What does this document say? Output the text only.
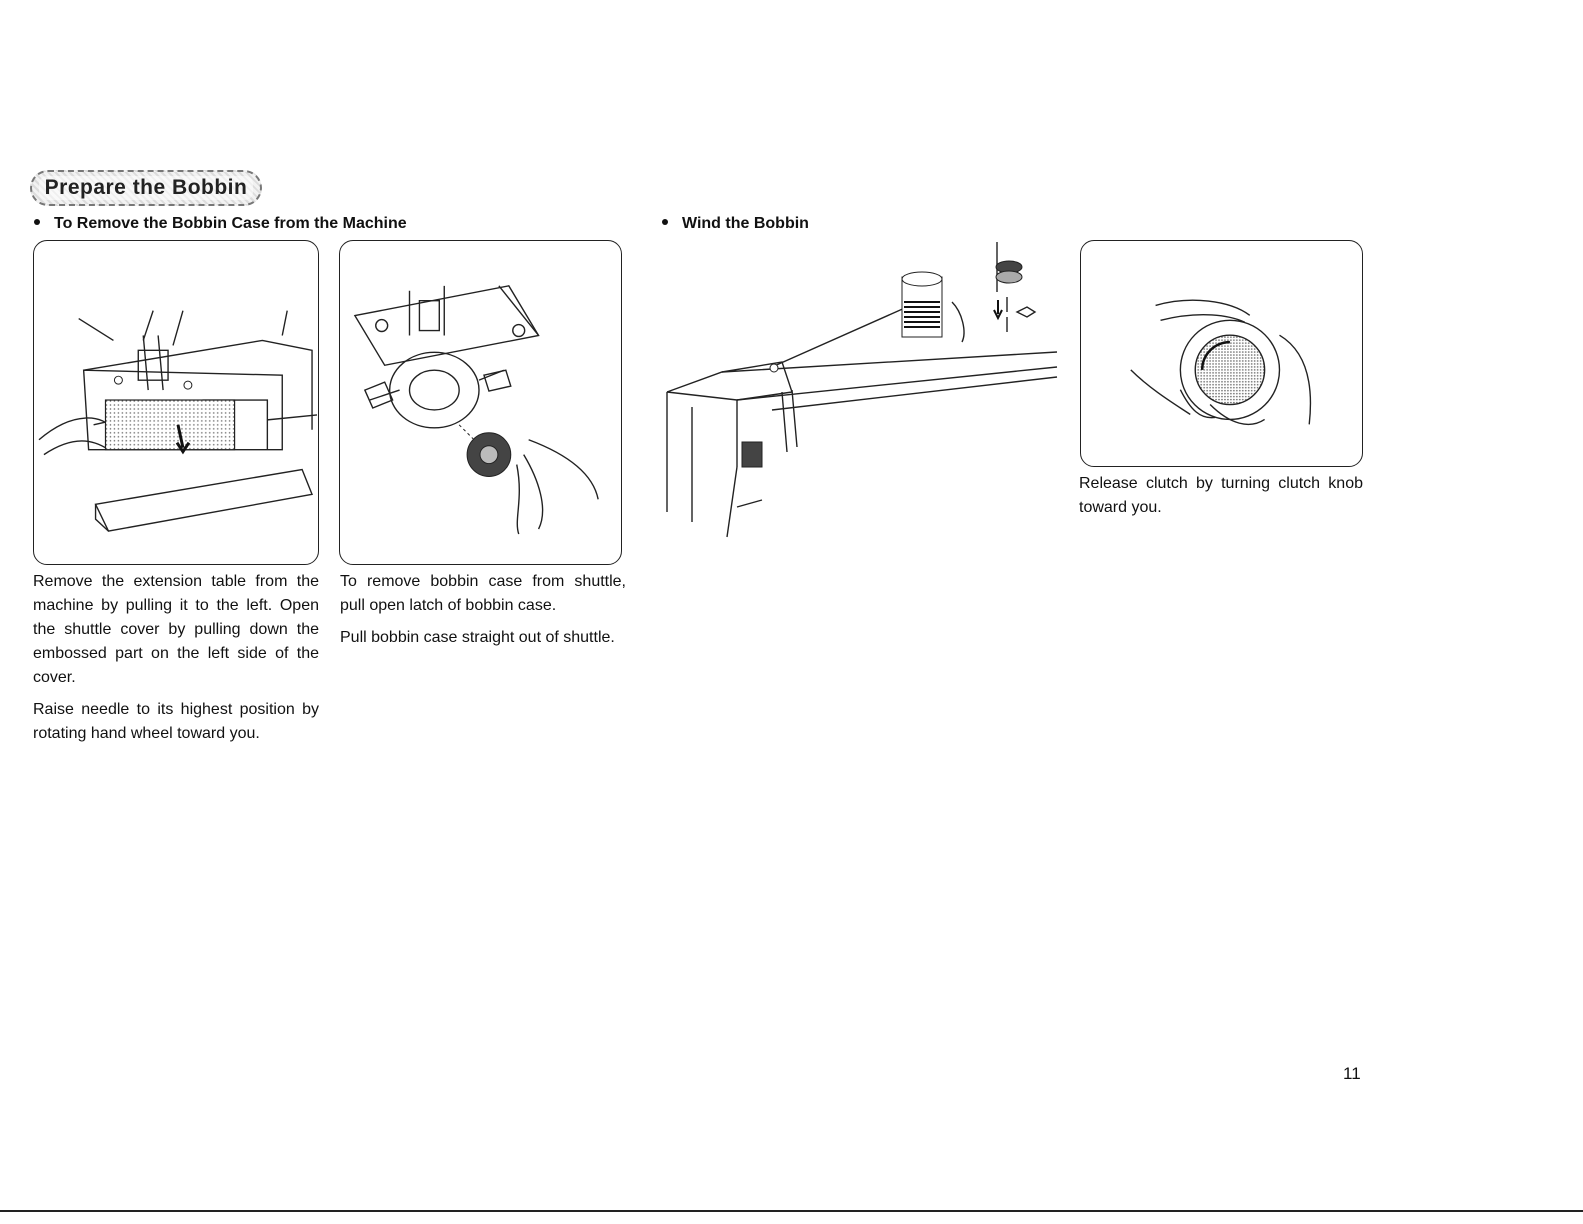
Prepare the Bobbin
To Remove the Bobbin Case from the Machine	Wind the Bobbin

Remove the extension table from the machine by pulling it to the left. Open the shuttle cover by pulling down the embossed part on the left side of the cover.

Raise needle to its highest position by rotating hand wheel toward you.

To remove bobbin case from shuttle, pull open latch of bobbin case.

Pull bobbin case straight out of shuttle.

Release clutch by turning clutch knob toward you.

11
